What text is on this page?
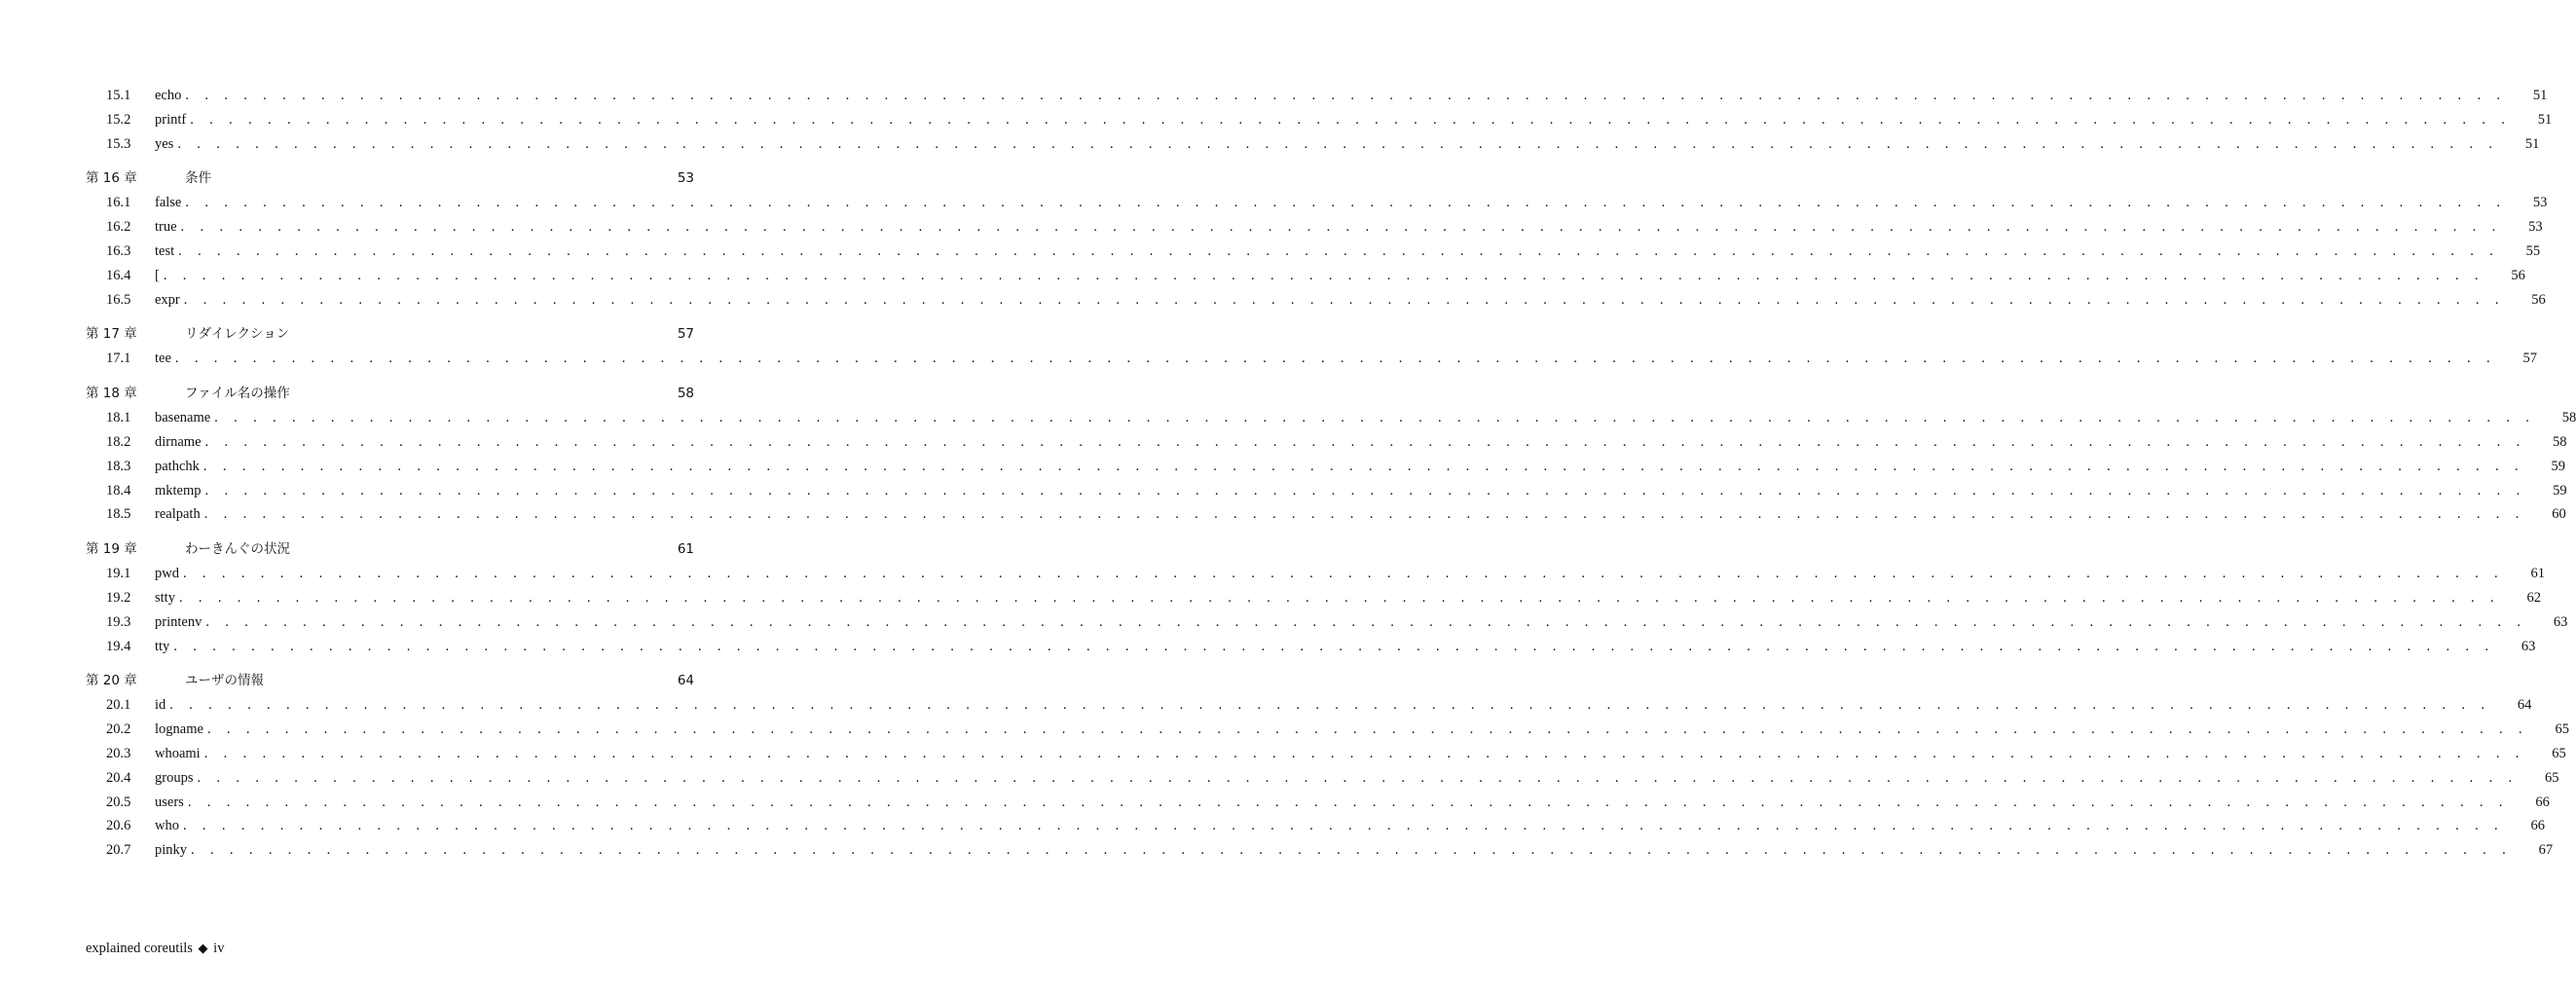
15.1	echo . . . . . . . . . . . . . . . . . . . . . . . . . . . . . . . . . . . . . . . . . . . . . . . . . . . . . . . . . . . . . . . . . . . . . . . . . . . . . . . . . . . . . . . . . . . . . . . . . . . . . . . . . . . . . . . . . . . . . . . .	51
15.2	printf . . . . . . . . . . . . . . . . . . . . . . . . . . . . . . . . . . . . . . . . . . . . . . . . . . . . . . . . . . . . . . . . . . . . . . . . . . . . . . . . . . . . . . . . . . . . . . . . . . . . . . . . . . . . . . . . . . . . . . . .	51
15.3	yes . . . . . . . . . . . . . . . . . . . . . . . . . . . . . . . . . . . . . . . . . . . . . . . . . . . . . . . . . . . . . . . . . . . . . . . . . . . . . . . . . . . . . . . . . . . . . . . . . . . . . . . . . . . . . . . . . . . . . . . .	51
第 16 章	条件	53
16.1	false . . . . . . . . . . . . . . . . . . . . . . . . . . . . . . . . . . . . . . . . . . . . . . . . . . . . . . . . . . . . . . . . . . . . . . . . . . . . . . . . . . . . . . . . . . . . . . . . . . . . . . . . . . . . . . . . . . . . . . . .	53
16.2	true . . . . . . . . . . . . . . . . . . . . . . . . . . . . . . . . . . . . . . . . . . . . . . . . . . . . . . . . . . . . . . . . . . . . . . . . . . . . . . . . . . . . . . . . . . . . . . . . . . . . . . . . . . . . . . . . . . . . . . . .	53
16.3	test . . . . . . . . . . . . . . . . . . . . . . . . . . . . . . . . . . . . . . . . . . . . . . . . . . . . . . . . . . . . . . . . . . . . . . . . . . . . . . . . . . . . . . . . . . . . . . . . . . . . . . . . . . . . . . . . . . . . . . . .	55
16.4	[ . . . . . . . . . . . . . . . . . . . . . . . . . . . . . . . . . . . . . . . . . . . . . . . . . . . . . . . . . . . . . . . . . . . . . . . . . . . . . . . . . . . . . . . . . . . . . . . . . . . . . . . . . . . . . . . . . . . . . . . .	56
16.5	expr . . . . . . . . . . . . . . . . . . . . . . . . . . . . . . . . . . . . . . . . . . . . . . . . . . . . . . . . . . . . . . . . . . . . . . . . . . . . . . . . . . . . . . . . . . . . . . . . . . . . . . . . . . . . . . . . . . . . . . . .	56
第 17 章	リダイレクション	57
17.1	tee . . . . . . . . . . . . . . . . . . . . . . . . . . . . . . . . . . . . . . . . . . . . . . . . . . . . . . . . . . . . . . . . . . . . . . . . . . . . . . . . . . . . . . . . . . . . . . . . . . . . . . . . . . . . . . . . . . . . . . . .	57
第 18 章	ファイル名の操作	58
18.1	basename . . . . . . . . . . . . . . . . . . . . . . . . . . . . . . . . . . . . . . . . . . . . . . . . . . . . . . . . . . . . . . . . . . . . . . . . . . . . . . . . . . . . . . . . . . . . . . . . . . . . . . . . . . . . . . . . . . . . . . . .	58
18.2	dirname . . . . . . . . . . . . . . . . . . . . . . . . . . . . . . . . . . . . . . . . . . . . . . . . . . . . . . . . . . . . . . . . . . . . . . . . . . . . . . . . . . . . . . . . . . . . . . . . . . . . . . . . . . . . . . . . . . . . . . . .	58
18.3	pathchk . . . . . . . . . . . . . . . . . . . . . . . . . . . . . . . . . . . . . . . . . . . . . . . . . . . . . . . . . . . . . . . . . . . . . . . . . . . . . . . . . . . . . . . . . . . . . . . . . . . . . . . . . . . . . . . . . . . . . . . .	59
18.4	mktemp . . . . . . . . . . . . . . . . . . . . . . . . . . . . . . . . . . . . . . . . . . . . . . . . . . . . . . . . . . . . . . . . . . . . . . . . . . . . . . . . . . . . . . . . . . . . . . . . . . . . . . . . . . . . . . . . . . . . . . . .	59
18.5	realpath . . . . . . . . . . . . . . . . . . . . . . . . . . . . . . . . . . . . . . . . . . . . . . . . . . . . . . . . . . . . . . . . . . . . . . . . . . . . . . . . . . . . . . . . . . . . . . . . . . . . . . . . . . . . . . . . . . . . . . . .	60
第 19 章	わーきんぐの状況	61
19.1	pwd . . . . . . . . . . . . . . . . . . . . . . . . . . . . . . . . . . . . . . . . . . . . . . . . . . . . . . . . . . . . . . . . . . . . . . . . . . . . . . . . . . . . . . . . . . . . . . . . . . . . . . . . . . . . . . . . . . . . . . . .	61
19.2	stty . . . . . . . . . . . . . . . . . . . . . . . . . . . . . . . . . . . . . . . . . . . . . . . . . . . . . . . . . . . . . . . . . . . . . . . . . . . . . . . . . . . . . . . . . . . . . . . . . . . . . . . . . . . . . . . . . . . . . . . .	62
19.3	printenv . . . . . . . . . . . . . . . . . . . . . . . . . . . . . . . . . . . . . . . . . . . . . . . . . . . . . . . . . . . . . . . . . . . . . . . . . . . . . . . . . . . . . . . . . . . . . . . . . . . . . . . . . . . . . . . . . . . . . . . .	63
19.4	tty . . . . . . . . . . . . . . . . . . . . . . . . . . . . . . . . . . . . . . . . . . . . . . . . . . . . . . . . . . . . . . . . . . . . . . . . . . . . . . . . . . . . . . . . . . . . . . . . . . . . . . . . . . . . . . . . . . . . . . . .	63
第 20 章	ユーザの情報	64
20.1	id . . . . . . . . . . . . . . . . . . . . . . . . . . . . . . . . . . . . . . . . . . . . . . . . . . . . . . . . . . . . . . . . . . . . . . . . . . . . . . . . . . . . . . . . . . . . . . . . . . . . . . . . . . . . . . . . . . . . . . . .	64
20.2	logname . . . . . . . . . . . . . . . . . . . . . . . . . . . . . . . . . . . . . . . . . . . . . . . . . . . . . . . . . . . . . . . . . . . . . . . . . . . . . . . . . . . . . . . . . . . . . . . . . . . . . . . . . . . . . . . . . . . . . . . .	65
20.3	whoami . . . . . . . . . . . . . . . . . . . . . . . . . . . . . . . . . . . . . . . . . . . . . . . . . . . . . . . . . . . . . . . . . . . . . . . . . . . . . . . . . . . . . . . . . . . . . . . . . . . . . . . . . . . . . . . . . . . . . . . .	65
20.4	groups . . . . . . . . . . . . . . . . . . . . . . . . . . . . . . . . . . . . . . . . . . . . . . . . . . . . . . . . . . . . . . . . . . . . . . . . . . . . . . . . . . . . . . . . . . . . . . . . . . . . . . . . . . . . . . . . . . . . . . . .	65
20.5	users . . . . . . . . . . . . . . . . . . . . . . . . . . . . . . . . . . . . . . . . . . . . . . . . . . . . . . . . . . . . . . . . . . . . . . . . . . . . . . . . . . . . . . . . . . . . . . . . . . . . . . . . . . . . . . . . . . . . . . . .	66
20.6	who . . . . . . . . . . . . . . . . . . . . . . . . . . . . . . . . . . . . . . . . . . . . . . . . . . . . . . . . . . . . . . . . . . . . . . . . . . . . . . . . . . . . . . . . . . . . . . . . . . . . . . . . . . . . . . . . . . . . . . . .	66
20.7	pinky . . . . . . . . . . . . . . . . . . . . . . . . . . . . . . . . . . . . . . . . . . . . . . . . . . . . . . . . . . . . . . . . . . . . . . . . . . . . . . . . . . . . . . . . . . . . . . . . . . . . . . . . . . . . . . . . . . . . . . . .	67
explained coreutils ◆ iv
